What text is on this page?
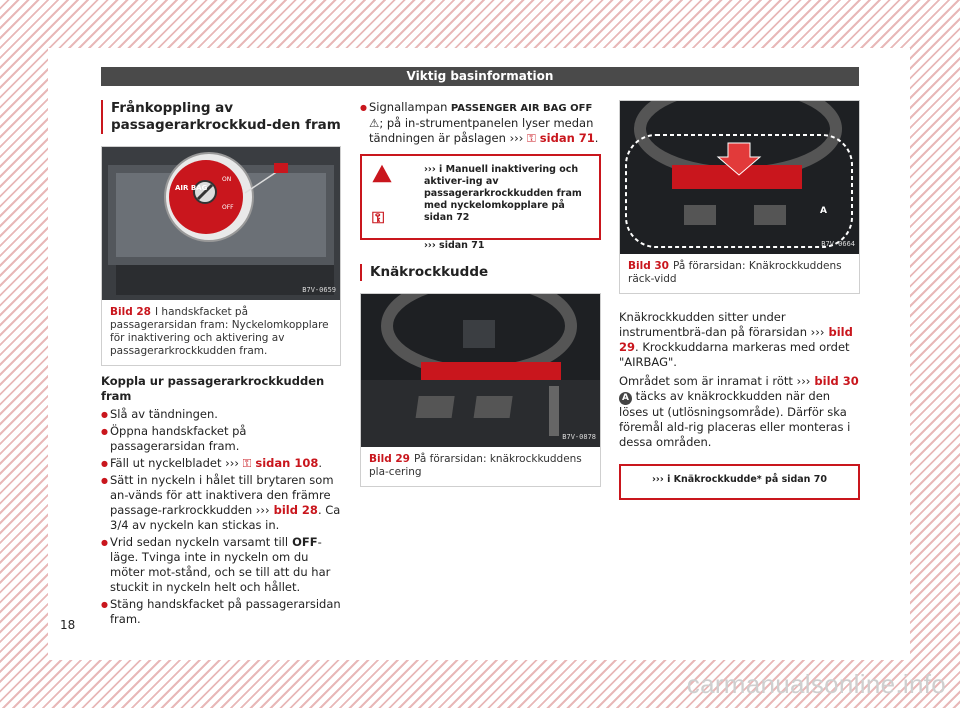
Viktig basinformation
Frånkoppling av passagerarkrockkud-den fram
AIR BAG
ON
OFF
B7V-0659
Bild 28 I handskfacket på passagerarsidan fram: Nyckelomkopplare för inaktivering och aktivering av passagerarkrockkudden fram.
Koppla ur passagerarkrockkudden fram
● Slå av tändningen.
● Öppna handskfacket på passagerarsidan fram.
● Fäll ut nyckelbladet ››› ⚿ sidan 108.
● Sätt in nyckeln i hålet till brytaren som an-vänds för att inaktivera den främre passage-rarkrockkudden ››› bild 28. Ca 3/4 av nyckeln kan stickas in.
● Vrid sedan nyckeln varsamt till OFF-läge. Tvinga inte in nyckeln om du möter mot-stånd, och se till att du har stuckit in nyckeln helt och hållet.
● Stäng handskfacket på passagerarsidan fram.
18
● Signallampan PASSENGER AIR BAG OFF ⚠; på in-strumentpanelen lyser medan tändningen är påslagen ››› ⚿ sidan 71.
⚿
››› i Manuell inaktivering och aktiver-ing av passagerarkrockkudden fram med nyckelomkopplare på sidan 72
››› sidan 71
Knäkrockkudde
B7V-0878
Bild 29 På förarsidan: knäkrockkuddens pla-cering
A
B7V-0664
Bild 30 På förarsidan: Knäkrockkuddens räck-vidd

Knäkrockkudden sitter under instrumentbrä-dan på förarsidan ››› bild 29. Krockkuddarna markeras med ordet "AIRBAG".

Området som är inramat i rött ››› bild 30 A täcks av knäkrockkudden när den löses ut (utlösningsområde). Därför ska föremål ald-rig placeras eller monteras i dessa områden.

››› i Knäkrockkudde* på sidan 70
carmanualsonline.info
